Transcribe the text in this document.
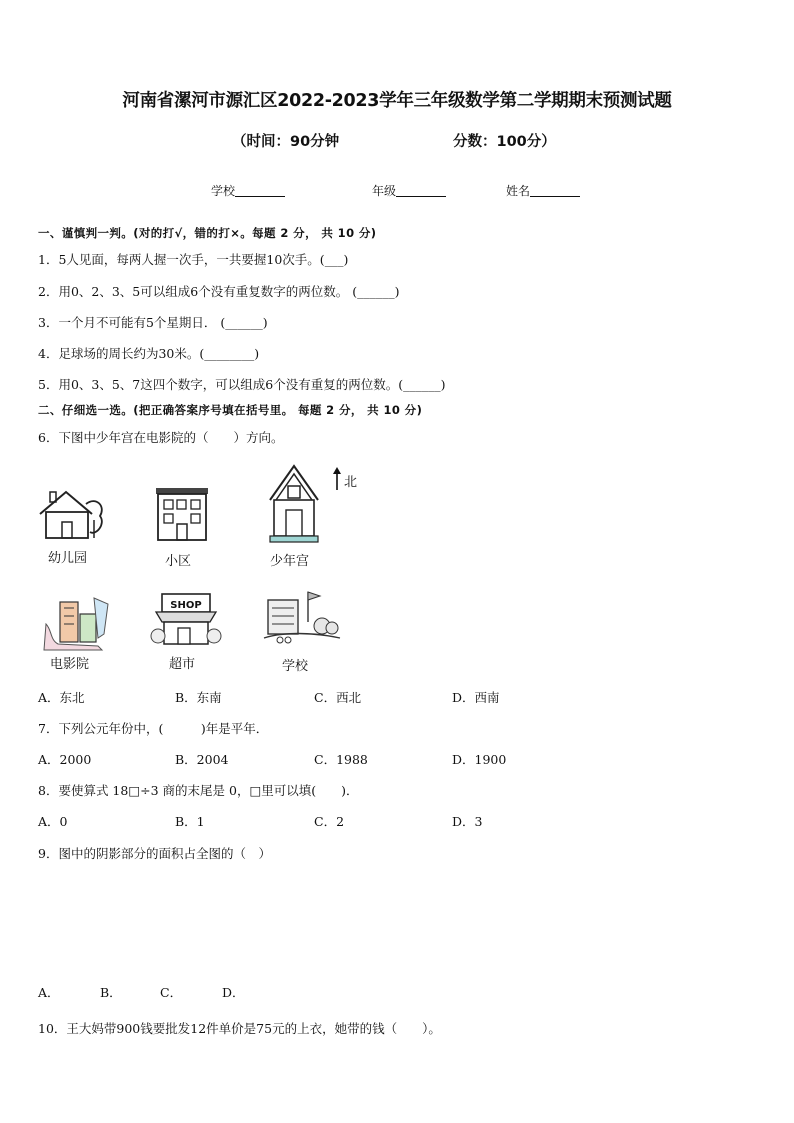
河南省漯河市源汇区2022-2023学年三年级数学第二学期期末预测试题
（时间：90分钟	分数：100分）
学校	年级	姓名
一、谨慎判一判。(对的打√，错的打×。每题 2 分， 共 10 分)
1．5人见面，每两人握一次手，一共要握10次手。(___)
2．用0、2、3、5可以组成6个没有重复数字的两位数。 (______)
3．一个月不可能有5个星期日． (______)
4．足球场的周长约为30米。(________)
5．用0、3、5、7这四个数字，可以组成6个没有重复的两位数。(______)
二、仔细选一选。(把正确答案序号填在括号里。 每题 2 分， 共 10 分)
6．下图中少年宫在电影院的（　　）方向。
北
幼儿园	小区	少年宫
电影院
SHOP
超市	学校
A．东北	B．东南	C．西北	D．西南
7．下列公元年份中，(　　　)年是平年．
A．2000	B．2004	C．1988	D．1900
8．要使算式 18□÷3 商的末尾是 0，□里可以填(　　)．
A．0	B．1	C．2	D．3
9．图中的阴影部分的面积占全图的（　）
A．	B．	C．	D．
10．王大妈带900钱要批发12件单价是75元的上衣，她带的钱（　　）。
